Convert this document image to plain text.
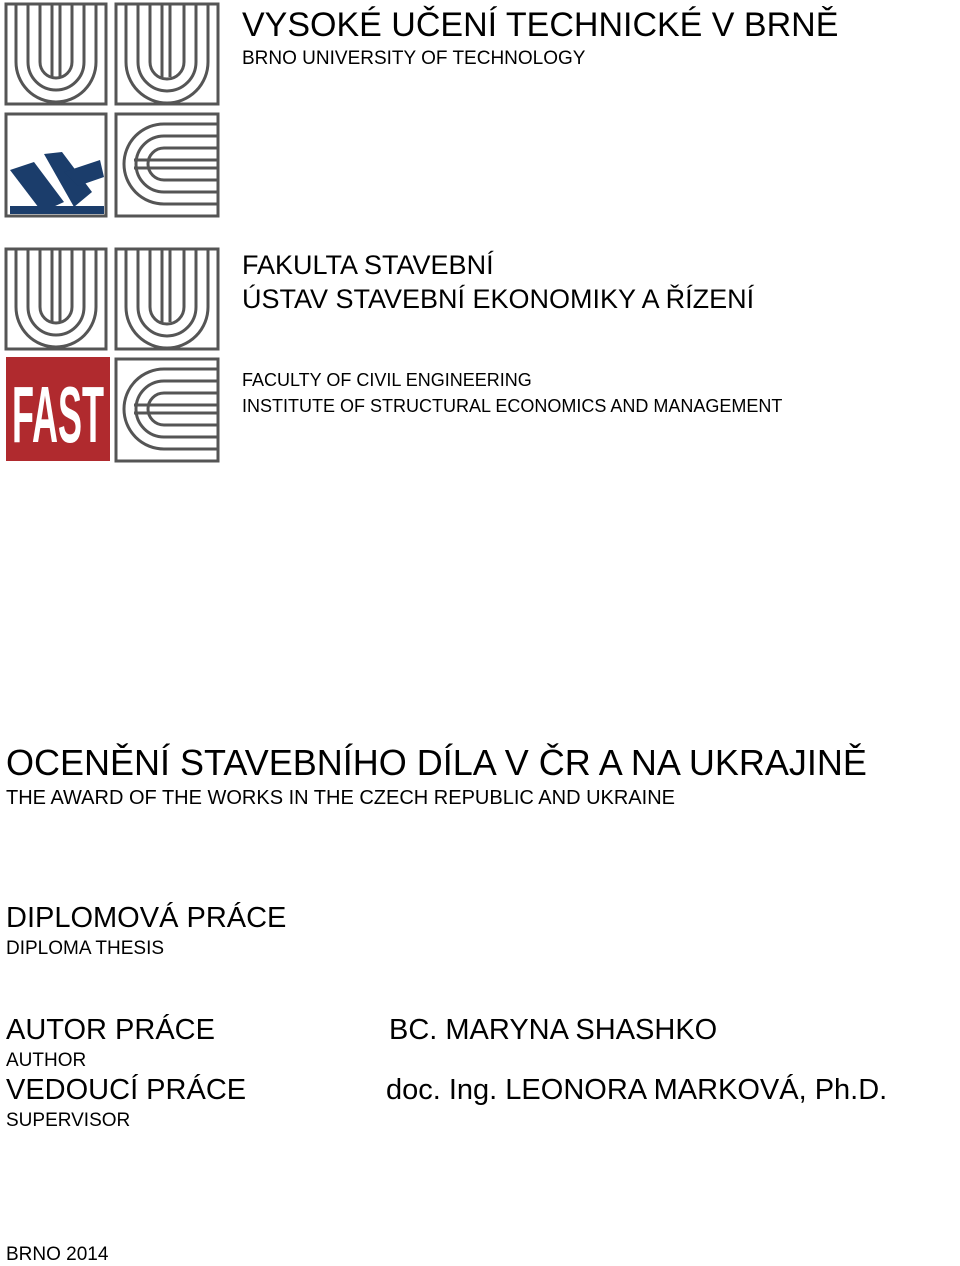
VYSOKÉ UČENÍ TECHNICKÉ V BRNĚ
BRNO UNIVERSITY OF TECHNOLOGY
FAST
FAKULTA STAVEBNÍ
ÚSTAV STAVEBNÍ EKONOMIKY A ŘÍZENÍ
FACULTY OF CIVIL ENGINEERING
INSTITUTE OF STRUCTURAL ECONOMICS AND MANAGEMENT
OCENĚNÍ STAVEBNÍHO DÍLA V ČR A NA UKRAJINĚ
THE AWARD OF THE WORKS IN THE CZECH REPUBLIC AND UKRAINE
DIPLOMOVÁ PRÁCE
DIPLOMA THESIS
AUTOR PRÁCE	BC. MARYNA SHASHKO
AUTHOR
VEDOUCÍ PRÁCE	doc. Ing. LEONORA MARKOVÁ, Ph.D.
SUPERVISOR
BRNO 2014
